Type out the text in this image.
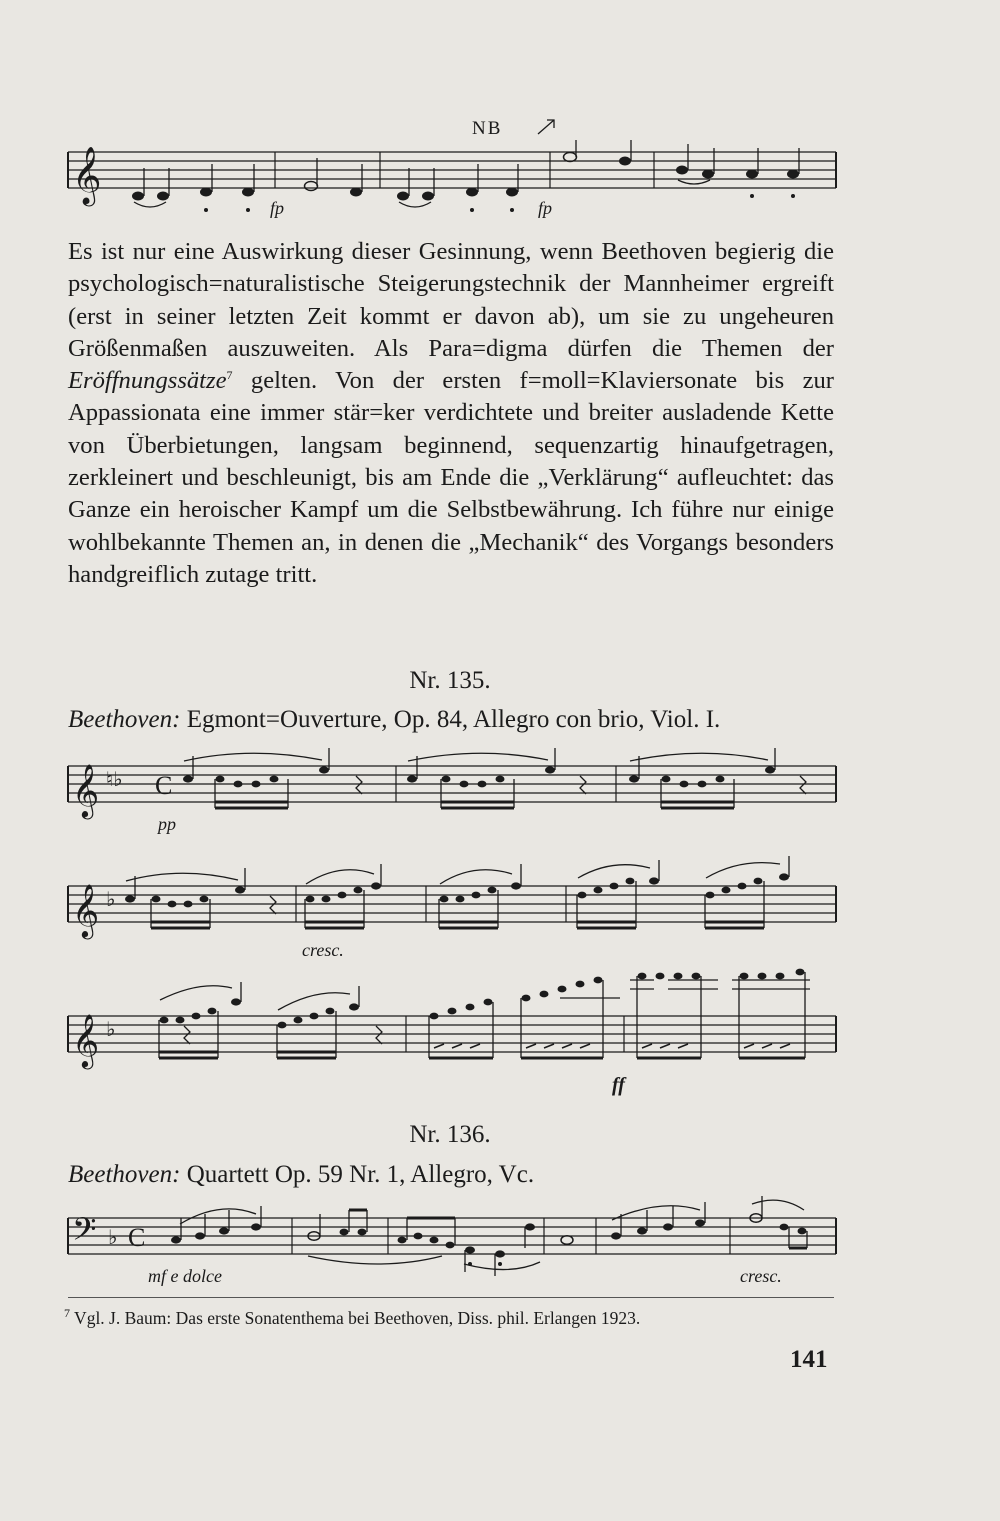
NB
𝄞
fp	fp

Es ist nur eine Auswirkung dieser Gesinnung, wenn Beethoven begierig die psychologisch=naturalistische Steigerungstechnik der Mannheimer ergreift (erst in seiner letzten Zeit kommt er davon ab), um sie zu ungeheuren Größenmaßen auszuweiten. Als Para=digma dürfen die Themen der Eröffnungssätze$^7$ gelten. Von der ersten f=moll=Klaviersonate bis zur Appassionata eine immer stär=ker verdichtete und breiter ausladende Kette von Überbietungen, langsam beginnend, sequenzartig hinaufgetragen, zerkleinert und beschleunigt, bis am Ende die „Verklärung“ aufleuchtet: das Ganze ein heroischer Kampf um die Selbstbewährung. Ich führe nur einige wohlbekannte Themen an, in denen die „Mechanik“ des Vorgangs besonders handgreiflich zutage tritt.

Nr. 135.

Beethoven: Egmont=Ouverture, Op. 84, Allegro con brio, Viol. I.

𝄞 ♮♭ C
pp
𝄞 ♭
cresc.
𝄞 ♭
ff

Nr. 136.

Beethoven: Quartett Op. 59 Nr. 1, Allegro, Vc.

𝄢 ♭ C
mf e dolce	cresc.

$^7$ Vgl. J. Baum: Das erste Sonatenthema bei Beethoven, Diss. phil. Erlangen 1923.

141
